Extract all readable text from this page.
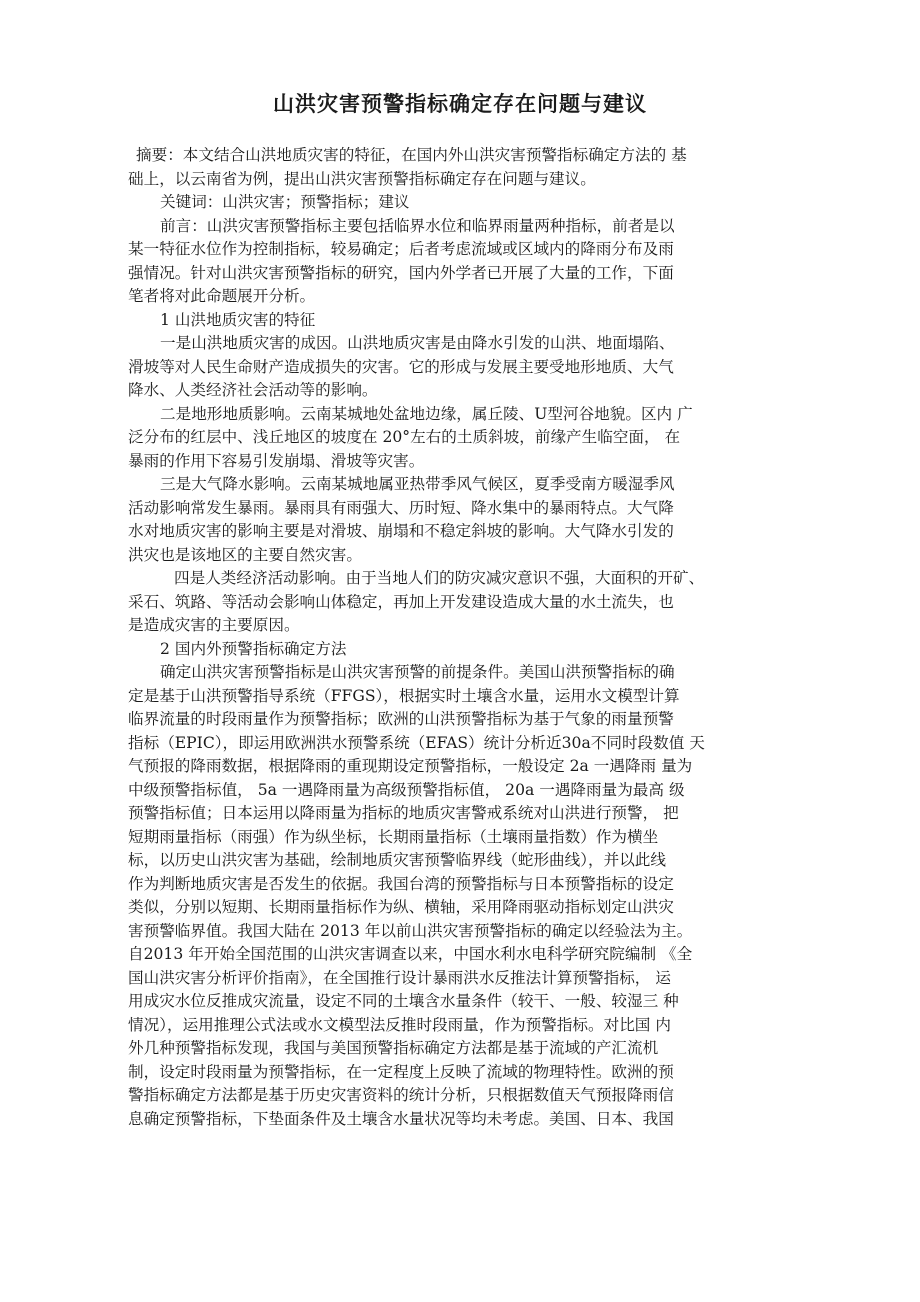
山洪灾害预警指标确定存在问题与建议
摘要：本文结合山洪地质灾害的特征，在国内外山洪灾害预警指标确定方法的 基
础上，以云南省为例，提出山洪灾害预警指标确定存在问题与建议。
关键词：山洪灾害；预警指标；建议
前言：山洪灾害预警指标主要包括临界水位和临界雨量两种指标，前者是以
某一特征水位作为控制指标，较易确定；后者考虑流域或区域内的降雨分布及雨
强情况。针对山洪灾害预警指标的研究，国内外学者已开展了大量的工作，下面
笔者将对此命题展开分析。
1 山洪地质灾害的特征
一是山洪地质灾害的成因。山洪地质灾害是由降水引发的山洪、地面塌陷、
滑坡等对人民生命财产造成损失的灾害。它的形成与发展主要受地形地质、大气
降水、人类经济社会活动等的影响。
二是地形地质影响。云南某城地处盆地边缘，属丘陵、U型河谷地貌。区内 广
泛分布的红层中、浅丘地区的坡度在 20°左右的土质斜坡，前缘产生临空面， 在
暴雨的作用下容易引发崩塌、滑坡等灾害。
三是大气降水影响。云南某城地属亚热带季风气候区，夏季受南方暖湿季风
活动影响常发生暴雨。暴雨具有雨强大、历时短、降水集中的暴雨特点。大气降
水对地质灾害的影响主要是对滑坡、崩塌和不稳定斜坡的影响。大气降水引发的
洪灾也是该地区的主要自然灾害。
四是人类经济活动影响。由于当地人们的防灾减灾意识不强，大面积的开矿、
采石、筑路、等活动会影响山体稳定，再加上开发建设造成大量的水土流失，也
是造成灾害的主要原因。
2 国内外预警指标确定方法
确定山洪灾害预警指标是山洪灾害预警的前提条件。美国山洪预警指标的确
定是基于山洪预警指导系统（FFGS），根据实时土壤含水量，运用水文模型计算
临界流量的时段雨量作为预警指标；欧洲的山洪预警指标为基于气象的雨量预警
指标（EPIC），即运用欧洲洪水预警系统（EFAS）统计分析近30a不同时段数值 天
气预报的降雨数据，根据降雨的重现期设定预警指标，一般设定 2a 一遇降雨 量为
中级预警指标值， 5a 一遇降雨量为高级预警指标值， 20a 一遇降雨量为最高 级
预警指标值；日本运用以降雨量为指标的地质灾害警戒系统对山洪进行预警， 把
短期雨量指标（雨强）作为纵坐标，长期雨量指标（土壤雨量指数）作为横坐
标，以历史山洪灾害为基础，绘制地质灾害预警临界线（蛇形曲线），并以此线
作为判断地质灾害是否发生的依据。我国台湾的预警指标与日本预警指标的设定
类似，分别以短期、长期雨量指标作为纵、横轴，采用降雨驱动指标划定山洪灾
害预警临界值。我国大陆在 2013 年以前山洪灾害预警指标的确定以经验法为主。
自2013 年开始全国范围的山洪灾害调查以来，中国水利水电科学研究院编制 《全
国山洪灾害分析评价指南》，在全国推行设计暴雨洪水反推法计算预警指标， 运
用成灾水位反推成灾流量，设定不同的土壤含水量条件（较干、一般、较湿三 种
情况），运用推理公式法或水文模型法反推时段雨量，作为预警指标。对比国 内
外几种预警指标发现，我国与美国预警指标确定方法都是基于流域的产汇流机
制，设定时段雨量为预警指标，在一定程度上反映了流域的物理特性。欧洲的预
警指标确定方法都是基于历史灾害资料的统计分析，只根据数值天气预报降雨信
息确定预警指标，下垫面条件及土壤含水量状况等均未考虑。美国、日本、我国
